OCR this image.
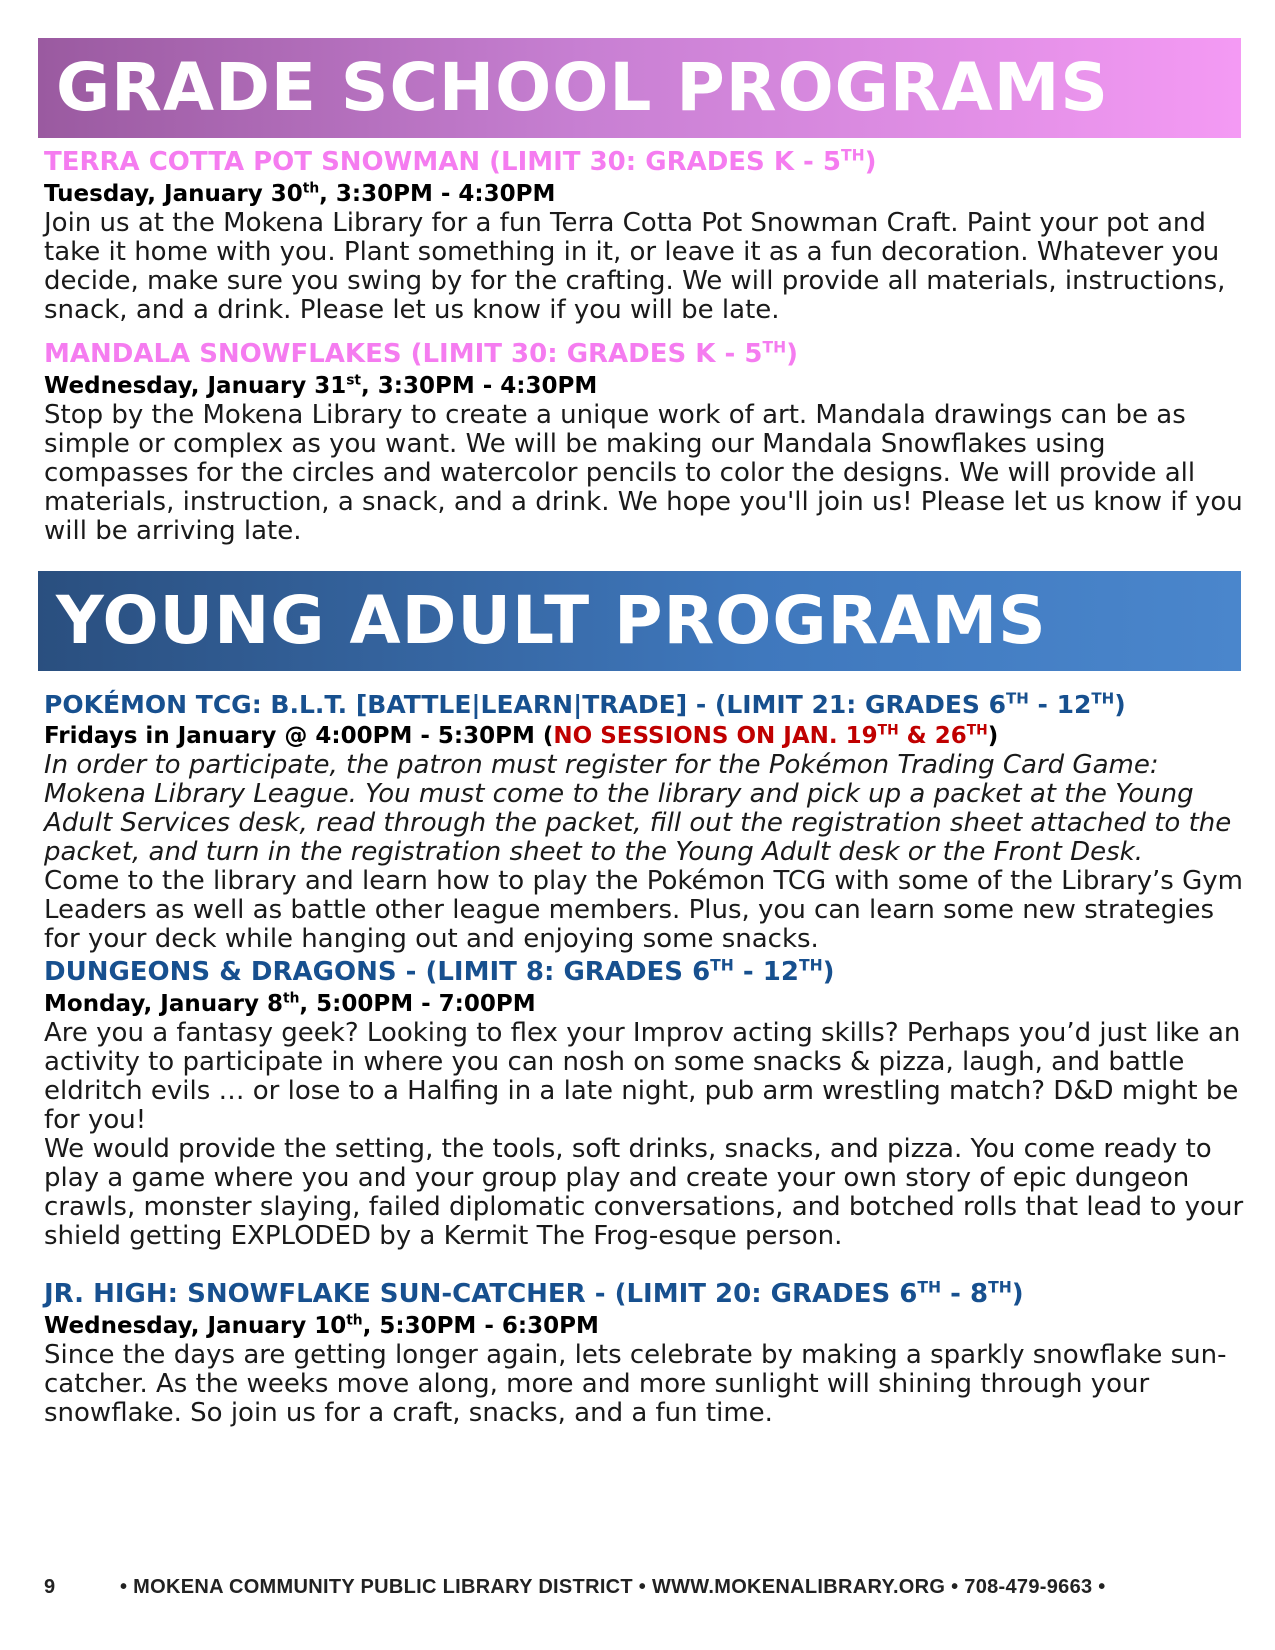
GRADE SCHOOL PROGRAMS
TERRA COTTA POT SNOWMAN (LIMIT 30: GRADES K - 5TH)
Tuesday, January 30th, 3:30PM - 4:30PM

Join us at the Mokena Library for a fun Terra Cotta Pot Snowman Craft. Paint your pot and take it home with you. Plant something in it, or leave it as a fun decoration. Whatever you decide, make sure you swing by for the crafting. We will provide all materials, instructions, snack, and a drink. Please let us know if you will be late.

MANDALA SNOWFLAKES (LIMIT 30: GRADES K - 5TH)
Wednesday, January 31st, 3:30PM - 4:30PM

Stop by the Mokena Library to create a unique work of art. Mandala drawings can be as simple or complex as you want. We will be making our Mandala Snowflakes using compasses for the circles and watercolor pencils to color the designs. We will provide all materials, instruction, a snack, and a drink. We hope you'll join us! Please let us know if you will be arriving late.

YOUNG ADULT PROGRAMS
POKÉMON TCG: B.L.T. [BATTLE|LEARN|TRADE] - (LIMIT 21: GRADES 6TH - 12TH)
Fridays in January @ 4:00PM - 5:30PM (NO SESSIONS ON JAN. 19TH & 26TH)

In order to participate, the patron must register for the Pokémon Trading Card Game: Mokena Library League. You must come to the library and pick up a packet at the Young Adult Services desk, read through the packet, fill out the registration sheet attached to the packet, and turn in the registration sheet to the Young Adult desk or the Front Desk.

Come to the library and learn how to play the Pokémon TCG with some of the Library’s Gym Leaders as well as battle other league members. Plus, you can learn some new strategies for your deck while hanging out and enjoying some snacks.

DUNGEONS & DRAGONS - (LIMIT 8: GRADES 6TH - 12TH)
Monday, January 8th, 5:00PM - 7:00PM

Are you a fantasy geek? Looking to flex your Improv acting skills? Perhaps you’d just like an activity to participate in where you can nosh on some snacks & pizza, laugh, and battle eldritch evils … or lose to a Halfing in a late night, pub arm wrestling match? D&D might be for you!

We would provide the setting, the tools, soft drinks, snacks, and pizza. You come ready to play a game where you and your group play and create your own story of epic dungeon crawls, monster slaying, failed diplomatic conversations, and botched rolls that lead to your shield getting EXPLODED by a Kermit The Frog-esque person.

JR. HIGH: SNOWFLAKE SUN-CATCHER - (LIMIT 20: GRADES 6TH - 8TH)
Wednesday, January 10th, 5:30PM - 6:30PM

Since the days are getting longer again, lets celebrate by making a sparkly snowflake sun-catcher. As the weeks move along, more and more sunlight will shining through your snowflake. So join us for a craft, snacks, and a fun time.

9	• MOKENA COMMUNITY PUBLIC LIBRARY DISTRICT • WWW.MOKENALIBRARY.ORG • 708-479-9663 •
